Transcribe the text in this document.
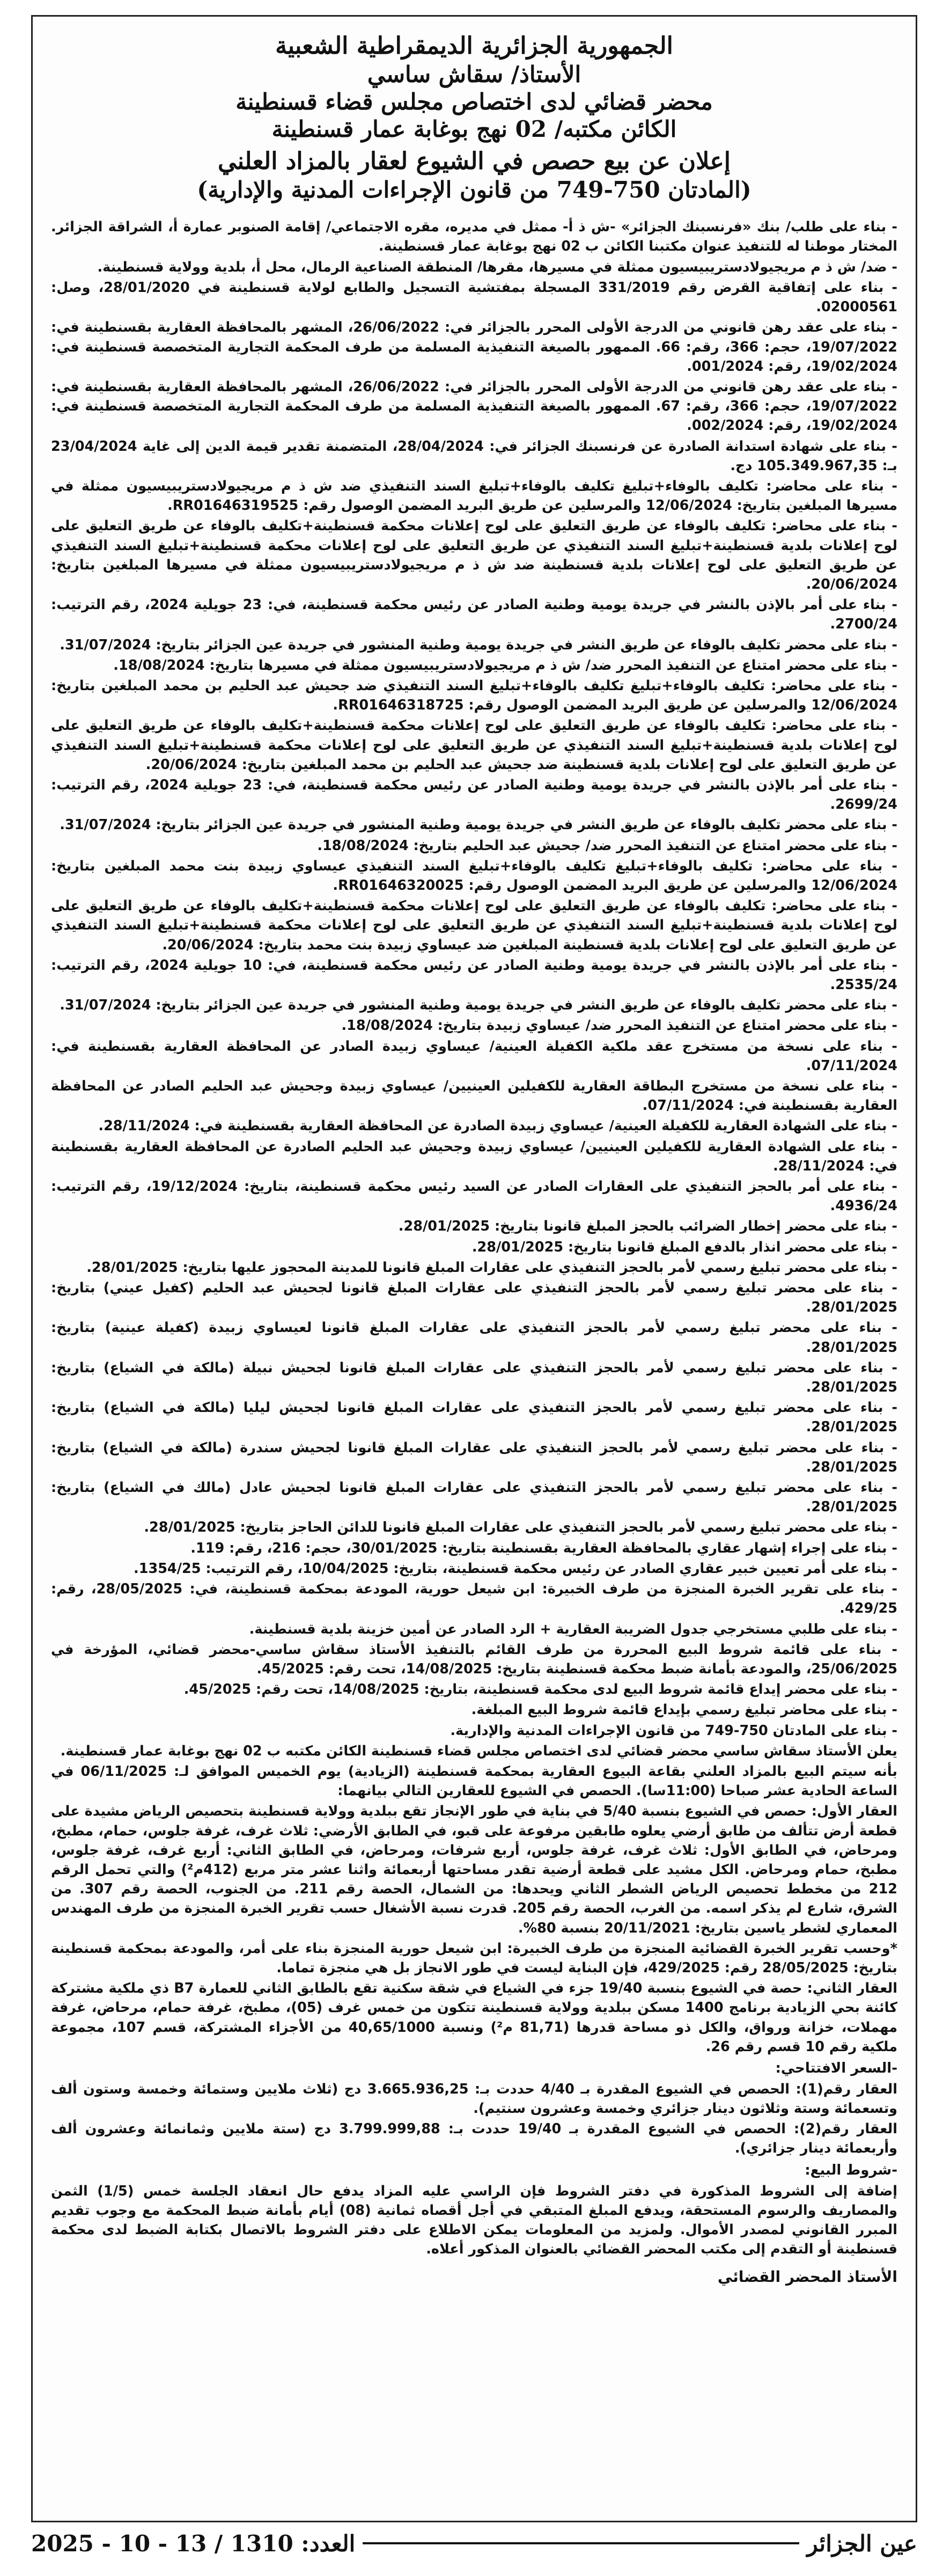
الجمهورية الجزائرية الديمقراطية الشعبية
الأستاذ/ سقاش ساسي
محضر قضائي لدى اختصاص مجلس قضاء قسنطينة
الكائن مكتبه/ 02 نهج بوغابة عمار قسنطينة
إعلان عن بيع حصص في الشيوع لعقار بالمزاد العلني
(المادتان 750-749 من قانون الإجراءات المدنية والإدارية)

- بناء على طلب/ بنك «فرنسبنك الجزائر» -ش ذ أ- ممثل في مديره، مقره الاجتماعي/ إقامة الصنوبر عمارة أ، الشراقة الجزائر. المختار موطنا له للتنفيذ عنوان مكتبنا الكائن ب 02 نهج بوغابة عمار قسنطينة.

- ضد/ ش ذ م مريجيولادستريبيسيون ممثلة في مسيرها، مقرها/ المنطقة الصناعية الرمال، محل أ، بلدية وولاية قسنطينة.

- بناء على إتفاقية القرض رقم 331/2019 المسجلة بمفتشية التسجيل والطابع لولاية قسنطينة في 28/01/2020، وصل: 02000561.

- بناء على عقد رهن قانوني من الدرجة الأولى المحرر بالجزائر في: 26/06/2022، المشهر بالمحافظة العقارية بقسنطينة في: 19/07/2022، حجم: 366، رقم: 66. الممهور بالصيغة التنفيذية المسلمة من طرف المحكمة التجارية المتخصصة قسنطينة في: 19/02/2024، رقم: 001/2024.

- بناء على عقد رهن قانوني من الدرجة الأولى المحرر بالجزائر في: 26/06/2022، المشهر بالمحافظة العقارية بقسنطينة في: 19/07/2022، حجم: 366، رقم: 67. الممهور بالصيغة التنفيذية المسلمة من طرف المحكمة التجارية المتخصصة قسنطينة في: 19/02/2024، رقم: 002/2024.

- بناء على شهادة استدانة الصادرة عن فرنسبنك الجزائر في: 28/04/2024، المتضمنة تقدير قيمة الدين إلى غاية 23/04/2024 بـ: 105.349.967,35 دج.

- بناء على محاضر: تكليف بالوفاء+تبليغ تكليف بالوفاء+تبليغ السند التنفيذي ضد ش ذ م مريجيولادستريبيسيون ممثلة في مسيرها المبلغين بتاريخ: 12/06/2024 والمرسلين عن طريق البريد المضمن الوصول رقم: RR01646319525.

- بناء على محاضر: تكليف بالوفاء عن طريق التعليق على لوح إعلانات محكمة قسنطينة+تكليف بالوفاء عن طريق التعليق على لوح إعلانات بلدية قسنطينة+تبليغ السند التنفيذي عن طريق التعليق على لوح إعلانات محكمة قسنطينة+تبليغ السند التنفيذي عن طريق التعليق على لوح إعلانات بلدية قسنطينة ضد ش ذ م مريجيولادستريبيسيون ممثلة في مسيرها المبلغين بتاريخ: 20/06/2024.

- بناء على أمر بالإذن بالنشر في جريدة يومية وطنية الصادر عن رئيس محكمة قسنطينة، في: 23 جويلية 2024، رقم الترتيب: 2700/24.

- بناء على محضر تكليف بالوفاء عن طريق النشر في جريدة يومية وطنية المنشور في جريدة عين الجزائر بتاريخ: 31/07/2024.

- بناء على محضر امتناع عن التنفيذ المحرر ضد/ ش ذ م مريجيولادستريبيسيون ممثلة في مسيرها بتاريخ: 18/08/2024.

- بناء على محاضر: تكليف بالوفاء+تبليغ تكليف بالوفاء+تبليغ السند التنفيذي ضد جحيش عبد الحليم بن محمد المبلغين بتاريخ: 12/06/2024 والمرسلين عن طريق البريد المضمن الوصول رقم: RR01646318725.

- بناء على محاضر: تكليف بالوفاء عن طريق التعليق على لوح إعلانات محكمة قسنطينة+تكليف بالوفاء عن طريق التعليق على لوح إعلانات بلدية قسنطينة+تبليغ السند التنفيذي عن طريق التعليق على لوح إعلانات محكمة قسنطينة+تبليغ السند التنفيذي عن طريق التعليق على لوح إعلانات بلدية قسنطينة ضد جحيش عبد الحليم بن محمد المبلغين بتاريخ: 20/06/2024.

- بناء على أمر بالإذن بالنشر في جريدة يومية وطنية الصادر عن رئيس محكمة قسنطينة، في: 23 جويلية 2024، رقم الترتيب: 2699/24.

- بناء على محضر تكليف بالوفاء عن طريق النشر في جريدة يومية وطنية المنشور في جريدة عين الجزائر بتاريخ: 31/07/2024.

- بناء على محضر امتناع عن التنفيذ المحرر ضد/ جحيش عبد الحليم بتاريخ: 18/08/2024.

- بناء على محاضر: تكليف بالوفاء+تبليغ تكليف بالوفاء+تبليغ السند التنفيذي عيساوي زبيدة بنت محمد المبلغين بتاريخ: 12/06/2024 والمرسلين عن طريق البريد المضمن الوصول رقم: RR01646320025.

- بناء على محاضر: تكليف بالوفاء عن طريق التعليق على لوح إعلانات محكمة قسنطينة+تكليف بالوفاء عن طريق التعليق على لوح إعلانات بلدية قسنطينة+تبليغ السند التنفيذي عن طريق التعليق على لوح إعلانات محكمة قسنطينة+تبليغ السند التنفيذي عن طريق التعليق على لوح إعلانات بلدية قسنطينة المبلغين ضد عيساوي زبيدة بنت محمد بتاريخ: 20/06/2024.

- بناء على أمر بالإذن بالنشر في جريدة يومية وطنية الصادر عن رئيس محكمة قسنطينة، في: 10 جويلية 2024، رقم الترتيب: 2535/24.

- بناء على محضر تكليف بالوفاء عن طريق النشر في جريدة يومية وطنية المنشور في جريدة عين الجزائر بتاريخ: 31/07/2024.

- بناء على محضر امتناع عن التنفيذ المحرر ضد/ عيساوي زبيدة بتاريخ: 18/08/2024.

- بناء على نسخة من مستخرج عقد ملكية الكفيلة العينية/ عيساوي زبيدة الصادر عن المحافظة العقارية بقسنطينة في: 07/11/2024.

- بناء على نسخة من مستخرج البطاقة العقارية للكفيلين العينيين/ عيساوي زبيدة وجحيش عبد الحليم الصادر عن المحافظة العقارية بقسنطينة في: 07/11/2024.

- بناء على الشهادة العقارية للكفيلة العينية/ عيساوي زبيدة الصادرة عن المحافظة العقارية بقسنطينة في: 28/11/2024.

- بناء على الشهادة العقارية للكفيلين العينيين/ عيساوي زبيدة وجحيش عبد الحليم الصادرة عن المحافظة العقارية بقسنطينة في: 28/11/2024.

- بناء على أمر بالحجز التنفيذي على العقارات الصادر عن السيد رئيس محكمة قسنطينة، بتاريخ: 19/12/2024، رقم الترتيب: 4936/24.

- بناء على محضر إخطار الضرائب بالحجز المبلغ قانونا بتاريخ: 28/01/2025.

- بناء على محضر انذار بالدفع المبلغ قانونا بتاريخ: 28/01/2025.

- بناء على محضر تبليغ رسمي لأمر بالحجز التنفيذي على عقارات المبلغ قانونا للمدينة المحجوز عليها بتاريخ: 28/01/2025.

- بناء على محضر تبليغ رسمي لأمر بالحجز التنفيذي على عقارات المبلغ قانونا لجحيش عبد الحليم (كفيل عيني) بتاريخ: 28/01/2025.

- بناء على محضر تبليغ رسمي لأمر بالحجز التنفيذي على عقارات المبلغ قانونا لعيساوي زبيدة (كفيلة عينية) بتاريخ: 28/01/2025.

- بناء على محضر تبليغ رسمي لأمر بالحجز التنفيذي على عقارات المبلغ قانونا لجحيش نبيلة (مالكة في الشياع) بتاريخ: 28/01/2025.

- بناء على محضر تبليغ رسمي لأمر بالحجز التنفيذي على عقارات المبلغ قانونا لجحيش ليليا (مالكة في الشياع) بتاريخ: 28/01/2025.

- بناء على محضر تبليغ رسمي لأمر بالحجز التنفيذي على عقارات المبلغ قانونا لجحيش سندرة (مالكة في الشياع) بتاريخ: 28/01/2025.

- بناء على محضر تبليغ رسمي لأمر بالحجز التنفيذي على عقارات المبلغ قانونا لجحيش عادل (مالك في الشياع) بتاريخ: 28/01/2025.

- بناء على محضر تبليغ رسمي لأمر بالحجز التنفيذي على عقارات المبلغ قانونا للدائن الحاجز بتاريخ: 28/01/2025.

- بناء على إجراء إشهار عقاري بالمحافظة العقارية بقسنطينة بتاريخ: 30/01/2025، حجم: 216، رقم: 119.

- بناء على أمر تعيين خبير عقاري الصادر عن رئيس محكمة قسنطينة، بتاريخ: 10/04/2025، رقم الترتيب: 1354/25.

- بناء على تقرير الخبرة المنجزة من طرف الخبيرة: ابن شيعل حورية، المودعة بمحكمة قسنطينة، في: 28/05/2025، رقم: 429/25.

- بناء على طلبي مستخرجي جدول الضريبة العقارية + الرد الصادر عن أمين خزينة بلدية قسنطينة.

- بناء على قائمة شروط البيع المحررة من طرف القائم بالتنفيذ الأستاذ سقاش ساسي-محضر قضائي، المؤرخة في 25/06/2025، والمودعة بأمانة ضبط محكمة قسنطينة بتاريخ: 14/08/2025، تحت رقم: 45/2025.

- بناء على محضر إيداع قائمة شروط البيع لدى محكمة قسنطينة، بتاريخ: 14/08/2025، تحت رقم: 45/2025.

- بناء على محاضر تبليغ رسمي بإيداع قائمة شروط البيع المبلغة.

- بناء على المادتان 750-749 من قانون الإجراءات المدنية والإدارية.

يعلن الأستاذ سقاش ساسي محضر قضائي لدى اختصاص مجلس قضاء قسنطينة الكائن مكتبه ب 02 نهج بوغابة عمار قسنطينة.

بأنه سيتم البيع بالمزاد العلني بقاعة البيوع العقارية بمحكمة قسنطينة (الزيادية) يوم الخميس الموافق لـ: 06/11/2025 في الساعة الحادية عشر صباحا (11:00سا). الحصص في الشيوع للعقارين التالي بيانهما:

العقار الأول: حصص في الشيوع بنسبة 5/40 في بناية في طور الإنجاز تقع ببلدية وولاية قسنطينة بتحصيص الرياض مشيدة على قطعة أرض تتألف من طابق أرضي يعلوه طابقين مرفوعة على قبو، في الطابق الأرضي: ثلاث غرف، غرفة جلوس، حمام، مطبخ، ومرحاض، في الطابق الأول: ثلاث غرف، غرفة جلوس، أربع شرفات، ومرحاض، في الطابق الثاني: أربع غرف، غرفة جلوس، مطبخ، حمام ومرحاض. الكل مشيد على قطعة أرضية تقدر مساحتها أربعمائة واثنا عشر متر مربع (412م²) والتي تحمل الرقم 212 من مخطط تحصيص الرياض الشطر الثاني ويحدها: من الشمال، الحصة رقم 211. من الجنوب، الحصة رقم 307. من الشرق، شارع لم يذكر اسمه. من الغرب، الحصة رقم 205. قدرت نسبة الأشغال حسب تقرير الخبرة المنجزة من طرف المهندس المعماري لشطر ياسين بتاريخ: 20/11/2021 بنسبة 80%.

*وحسب تقرير الخبرة القضائية المنجزة من طرف الخبيرة: ابن شيعل حورية المنجزة بناء على أمر، والمودعة بمحكمة قسنطينة بتاريخ: 28/05/2025 رقم: 429/2025، فإن البناية ليست في طور الانجاز بل هي منجزة تماما.

العقار الثاني: حصة في الشيوع بنسبة 19/40 جزء في الشياع في شقة سكنية تقع بالطابق الثاني للعمارة B7 ذي ملكية مشتركة كائنة بحي الزيادية برنامج 1400 مسكن ببلدية وولاية قسنطينة تتكون من خمس غرف (05)، مطبخ، غرفة حمام، مرحاض، غرفة مهملات، خزانة ورواق، والكل ذو مساحة قدرها (81,71 م²) ونسبة 40,65/1000 من الأجزاء المشتركة، قسم 107، مجموعة ملكية رقم 10 قسم رقم 26.

-السعر الافتتاحي:

العقار رقم(1): الحصص في الشيوع المقدرة بـ 4/40 حددت بـ: 3.665.936,25 دج (ثلاث ملايين وستمائة وخمسة وستون ألف وتسعمائة وستة وثلاثون دينار جزائري وخمسة وعشرون سنتيم).

العقار رقم(2): الحصص في الشيوع المقدرة بـ 19/40 حددت بـ: 3.799.999,88 دج (ستة ملايين وثمانمائة وعشرون ألف وأربعمائة دينار جزائري).

-شروط البيع:

إضافة إلى الشروط المذكورة في دفتر الشروط فإن الراسي عليه المزاد يدفع حال انعقاد الجلسة خمس (1/5) الثمن والمصاريف والرسوم المستحقة، ويدفع المبلغ المتبقي في أجل أقصاه ثمانية (08) أيام بأمانة ضبط المحكمة مع وجوب تقديم المبرر القانوني لمصدر الأموال. ولمزيد من المعلومات يمكن الاطلاع على دفتر الشروط بالاتصال بكتابة الضبط لدى محكمة قسنطينة أو التقدم إلى مكتب المحضر القضائي بالعنوان المذكور أعلاه.

الأستاذ المحضر القضائي
عين الجزائر
العدد: 1310 / 13 - 10 - 2025
